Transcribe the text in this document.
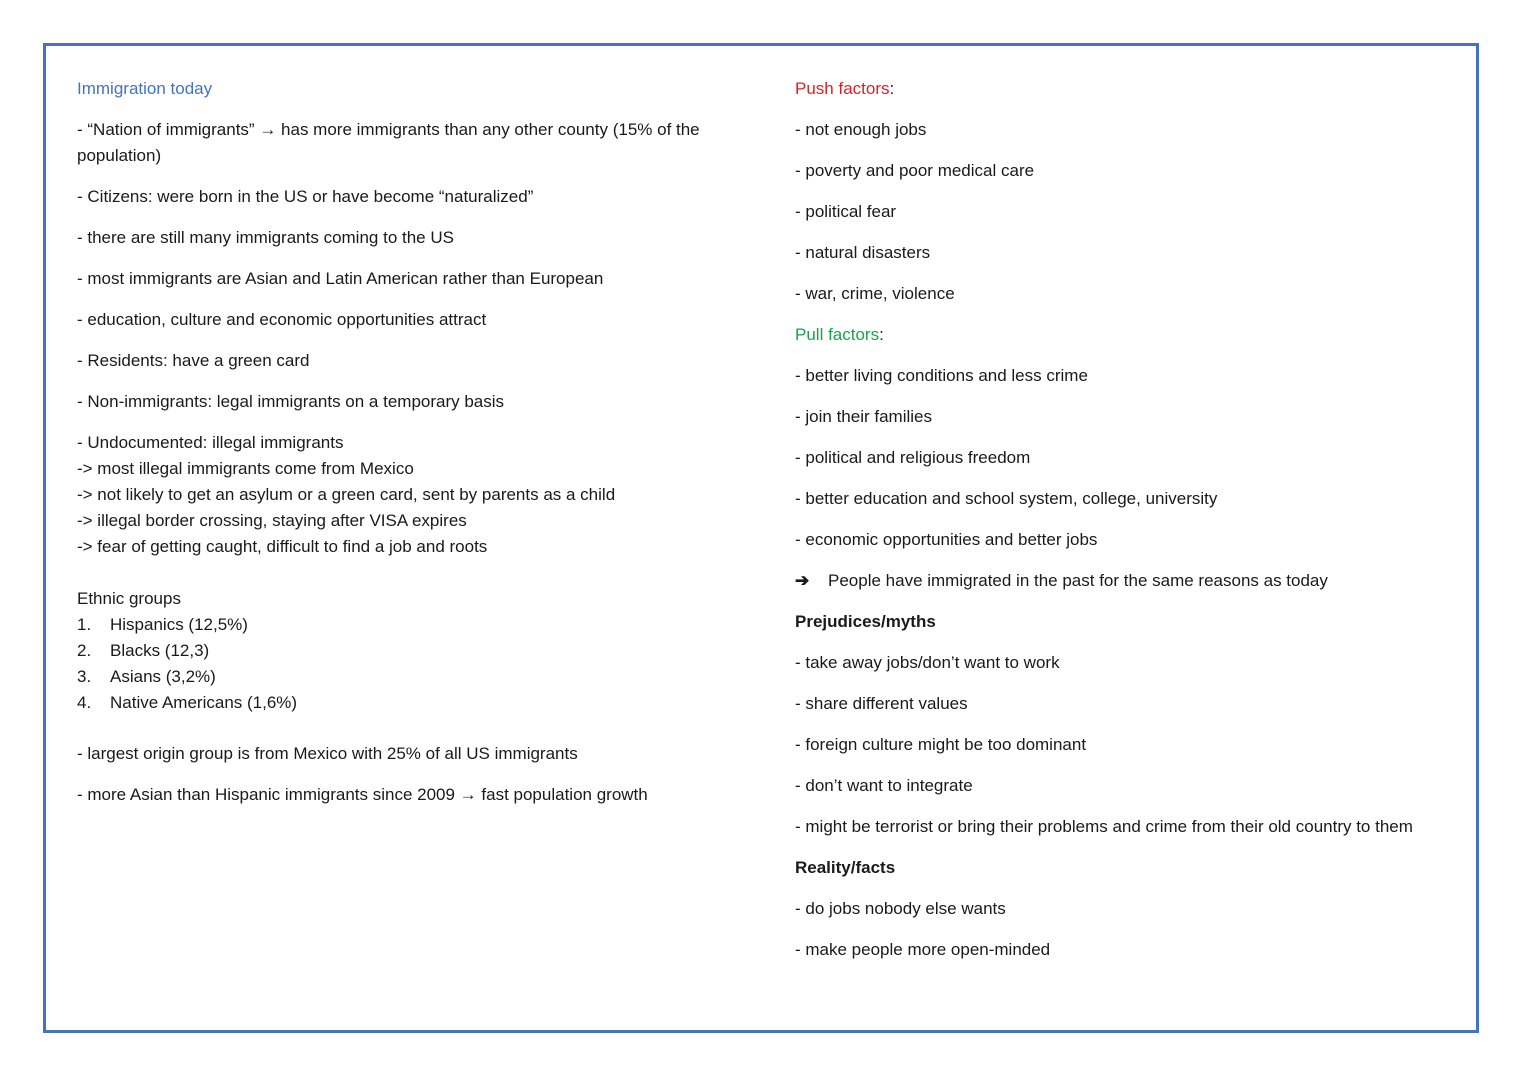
Immigration today

- “Nation of immigrants” → has more immigrants than any other county (15% of the population)

- Citizens: were born in the US or have become “naturalized”

- there are still many immigrants coming to the US

- most immigrants are Asian and Latin American rather than European

- education, culture and economic opportunities attract

- Residents: have a green card

- Non-immigrants: legal immigrants on a temporary basis

- Undocumented: illegal immigrants
-> most illegal immigrants come from Mexico
-> not likely to get an asylum or a green card, sent by parents as a child
-> illegal border crossing, staying after VISA expires
-> fear of getting caught, difficult to find a job and roots
Ethnic groups
1.	Hispanics (12,5%)
2.	Blacks (12,3)
3.	Asians (3,2%)
4.	Native Americans (1,6%)

- largest origin group is from Mexico with 25% of all US immigrants

- more Asian than Hispanic immigrants since 2009 → fast population growth

Push factors:

- not enough jobs

- poverty and poor medical care

- political fear

- natural disasters

- war, crime, violence

Pull factors:

- better living conditions and less crime

- join their families

- political and religious freedom

- better education and school system, college, university

- economic opportunities and better jobs

➔	People have immigrated in the past for the same reasons as today

Prejudices/myths

- take away jobs/don’t want to work

- share different values

- foreign culture might be too dominant

- don’t want to integrate

- might be terrorist or bring their problems and crime from their old country to them

Reality/facts

- do jobs nobody else wants

- make people more open-minded
